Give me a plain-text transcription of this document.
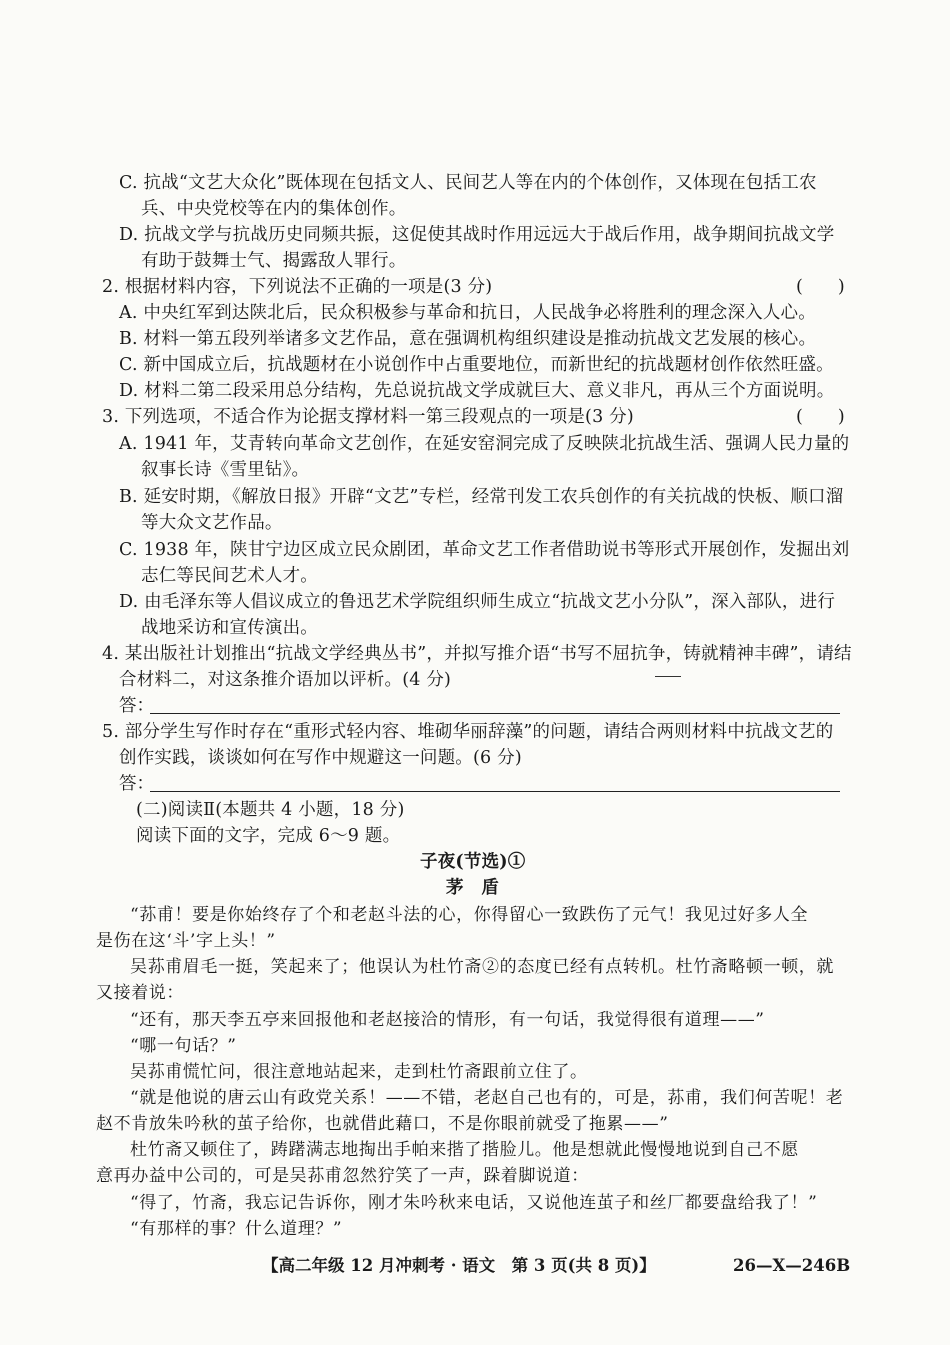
C. 抗战“文艺大众化”既体现在包括文人、民间艺人等在内的个体创作，又体现在包括工农
兵、中央党校等在内的集体创作。
D. 抗战文学与抗战历史同频共振，这促使其战时作用远远大于战后作用，战争期间抗战文学
有助于鼓舞士气、揭露敌人罪行。
2. 根据材料内容，下列说法不正确的一项是(3 分)	(　　)
A. 中央红军到达陕北后，民众积极参与革命和抗日，人民战争必将胜利的理念深入人心。
B. 材料一第五段列举诸多文艺作品，意在强调机构组织建设是推动抗战文艺发展的核心。
C. 新中国成立后，抗战题材在小说创作中占重要地位，而新世纪的抗战题材创作依然旺盛。
D. 材料二第二段采用总分结构，先总说抗战文学成就巨大、意义非凡，再从三个方面说明。
3. 下列选项，不适合作为论据支撑材料一第三段观点的一项是(3 分)	(　　)
A. 1941 年，艾青转向革命文艺创作，在延安窑洞完成了反映陕北抗战生活、强调人民力量的
叙事长诗《雪里钻》。
B. 延安时期，《解放日报》开辟“文艺”专栏，经常刊发工农兵创作的有关抗战的快板、顺口溜
等大众文艺作品。
C. 1938 年，陕甘宁边区成立民众剧团，革命文艺工作者借助说书等形式开展创作，发掘出刘
志仁等民间艺术人才。
D. 由毛泽东等人倡议成立的鲁迅艺术学院组织师生成立“抗战文艺小分队”，深入部队，进行
战地采访和宣传演出。
4. 某出版社计划推出“抗战文学经典丛书”，并拟写推介语“书写不屈抗争，铸就精神丰碑”，请结
合材料二，对这条推介语加以评析。(4 分)
答：
5. 部分学生写作时存在“重形式轻内容、堆砌华丽辞藻”的问题，请结合两则材料中抗战文艺的
创作实践，谈谈如何在写作中规避这一问题。(6 分)
答：
(二)阅读Ⅱ(本题共 4 小题，18 分)
阅读下面的文字，完成 6～9 题。
子夜(节选)①
茅　盾
“荪甫！要是你始终存了个和老赵斗法的心，你得留心一致跌伤了元气！我见过好多人全
是伤在这‘斗’字上头！”
吴荪甫眉毛一挺，笑起来了；他误认为杜竹斋②的态度已经有点转机。杜竹斋略顿一顿，就
又接着说：
“还有，那天李五亭来回报他和老赵接洽的情形，有一句话，我觉得很有道理——”
“哪一句话？”
吴荪甫慌忙问，很注意地站起来，走到杜竹斋跟前立住了。
“就是他说的唐云山有政党关系！——不错，老赵自己也有的，可是，荪甫，我们何苦呢！老
赵不肯放朱吟秋的茧子给你，也就借此藉口，不是你眼前就受了拖累——”
杜竹斋又顿住了，踌躇满志地掏出手帕来揩了揩脸儿。他是想就此慢慢地说到自己不愿
意再办益中公司的，可是吴荪甫忽然狞笑了一声，跺着脚说道：
“得了，竹斋，我忘记告诉你，刚才朱吟秋来电话，又说他连茧子和丝厂都要盘给我了！”
“有那样的事？什么道理？”
【高二年级 12 月冲刺考 · 语文　第 3 页(共 8 页)】	26—X—246B
